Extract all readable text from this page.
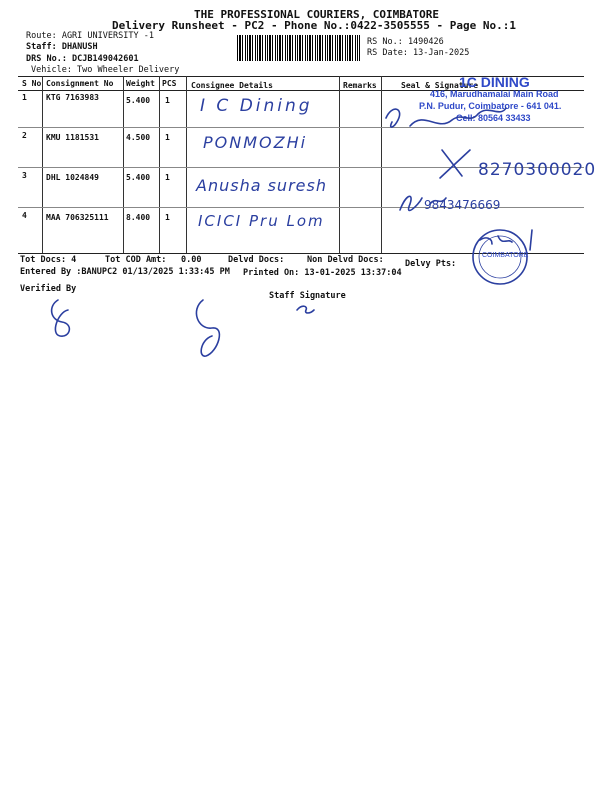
THE PROFESSIONAL COURIERS, COIMBATORE
Delivery Runsheet - PC2 - Phone No.:0422-3505555 - Page No.:1
Route: AGRI UNIVERSITY -1
Staff: DHANUSH
DRS No.: DCJB149042601
Vehicle: Two Wheeler Delivery
RS No.: 1490426
RS Date: 13-Jan-2025
S No Consignment No Weight PCS Consignee Details	Remarks	Seal & Signature
1 KTG 7163983	5.400 1 I C Dining
2 KMU 1181531	4.500 1 PONMOZHi
3 DHL 1024849	5.400 1 Anusha suresh
4 MAA 706325111 8.400 1 ICICI Pru Lom
1C DINING
416, Marudhamalai Main Road
P.N. Pudur, Coimbatore - 641 041.
Cell: 80564 33433
8270300020
9843476669
COIMBATORE
Tot Docs: 4	Tot COD Amt: 0.00	Delvd Docs:	Non Delvd Docs: Delvy Pts:
Entered By :BANUPC2 01/13/2025 1:33:45 PM Printed On: 13-01-2025 13:37:04
Verified By
Staff Signature
